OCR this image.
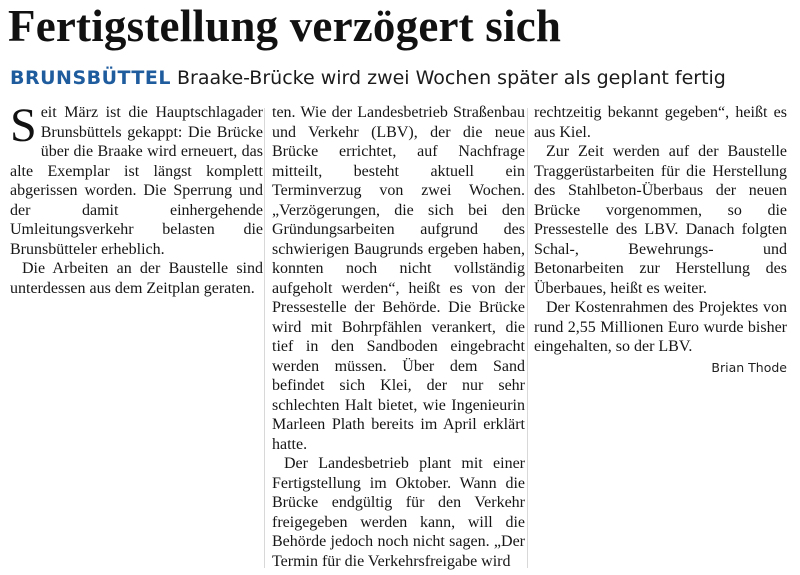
Fertigstellung verzögert sich
BRUNSBÜTTEL Braake-Brücke wird zwei Wochen später als geplant fertig

Seit März ist die Hauptschlagader Brunsbüttels gekappt: Die Brücke über die Braake wird erneuert, das alte Exemplar ist längst komplett abgerissen worden. Die Sperrung und der damit einhergehende Umleitungsverkehr belasten die Brunsbütteler erheblich.

Die Arbeiten an der Baustelle sind unterdessen aus dem Zeitplan geraten.

ten. Wie der Landesbetrieb Straßenbau und Verkehr (LBV), der die neue Brücke errichtet, auf Nachfrage mitteilt, besteht aktuell ein Terminverzug von zwei Wochen. „Verzögerungen, die sich bei den Gründungsarbeiten aufgrund des schwierigen Baugrunds ergeben haben, konnten noch nicht vollständig aufgeholt werden“, heißt es von der Pressestelle der Behörde. Die Brücke wird mit Bohrpfählen verankert, die tief in den Sandboden eingebracht werden müssen. Über dem Sand befindet sich Klei, der nur sehr schlechten Halt bietet, wie Ingenieurin Marleen Plath bereits im April erklärt hatte.

Der Landesbetrieb plant mit einer Fertigstellung im Oktober. Wann die Brücke endgültig für den Verkehr freigegeben werden kann, will die Behörde jedoch noch nicht sagen. „Der Termin für die Verkehrsfreigabe wird

rechtzeitig bekannt gegeben“, heißt es aus Kiel.

Zur Zeit werden auf der Baustelle Traggerüstarbeiten für die Herstellung des Stahlbeton-Überbaus der neuen Brücke vorgenommen, so die Pressestelle des LBV. Danach folgten Schal-, Bewehrungs- und Betonarbeiten zur Herstellung des Überbaues, heißt es weiter.

Der Kostenrahmen des Projektes von rund 2,55 Millionen Euro wurde bisher eingehalten, so der LBV.

Brian Thode
